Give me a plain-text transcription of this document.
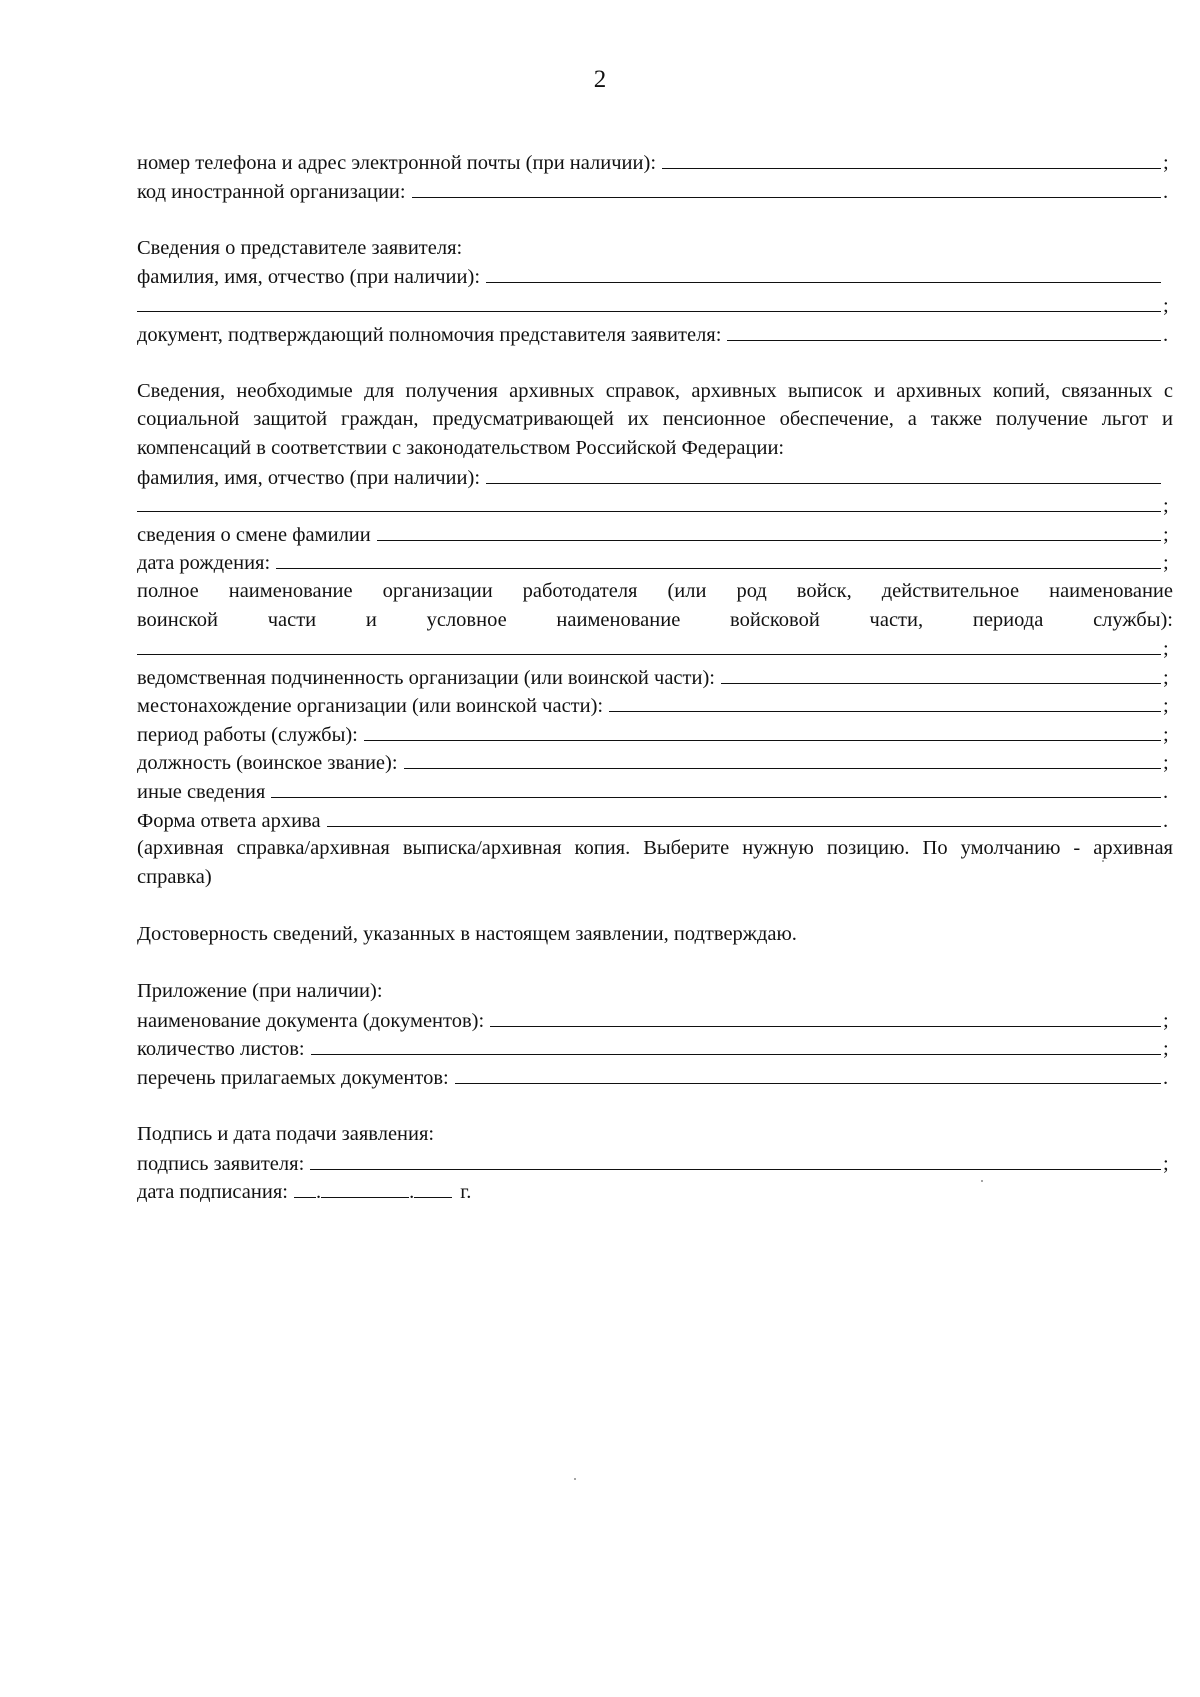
2
номер телефона и адрес электронной почты (при наличии):	;
код иностранной организации:	.
Сведения о представителе заявителя:
фамилия, имя, отчество (при наличии):
;
документ, подтверждающий полномочия представителя заявителя:	.

Сведения, необходимые для получения архивных справок, архивных выписок и архивных копий, связанных с социальной защитой граждан, предусматривающей их пенсионное обеспечение, а также получение льгот и компенсаций в соответствии с законодательством Российской Федерации:

фамилия, имя, отчество (при наличии):
;
сведения о смене фамилии	;
дата рождения:	;
полное наименование организации работодателя (или род войск, действительное наименование
воинской части и условное наименование войсковой части, периода службы):
;
ведомственная подчиненность организации (или воинской части):	;
местонахождение организации (или воинской части):	;
период работы (службы):	;
должность (воинское звание):	;
иные сведения	.
Форма ответа архива	.

(архивная справка/архивная выписка/архивная копия. Выберите нужную позицию. По умолчанию - архивная справка)

Достоверность сведений, указанных в настоящем заявлении, подтверждаю.

Приложение (при наличии):
наименование документа (документов):	;
количество листов:	;
перечень прилагаемых документов:	.
Подпись и дата подачи заявления:
подпись заявителя:	;
дата подписания: .	.	г.
